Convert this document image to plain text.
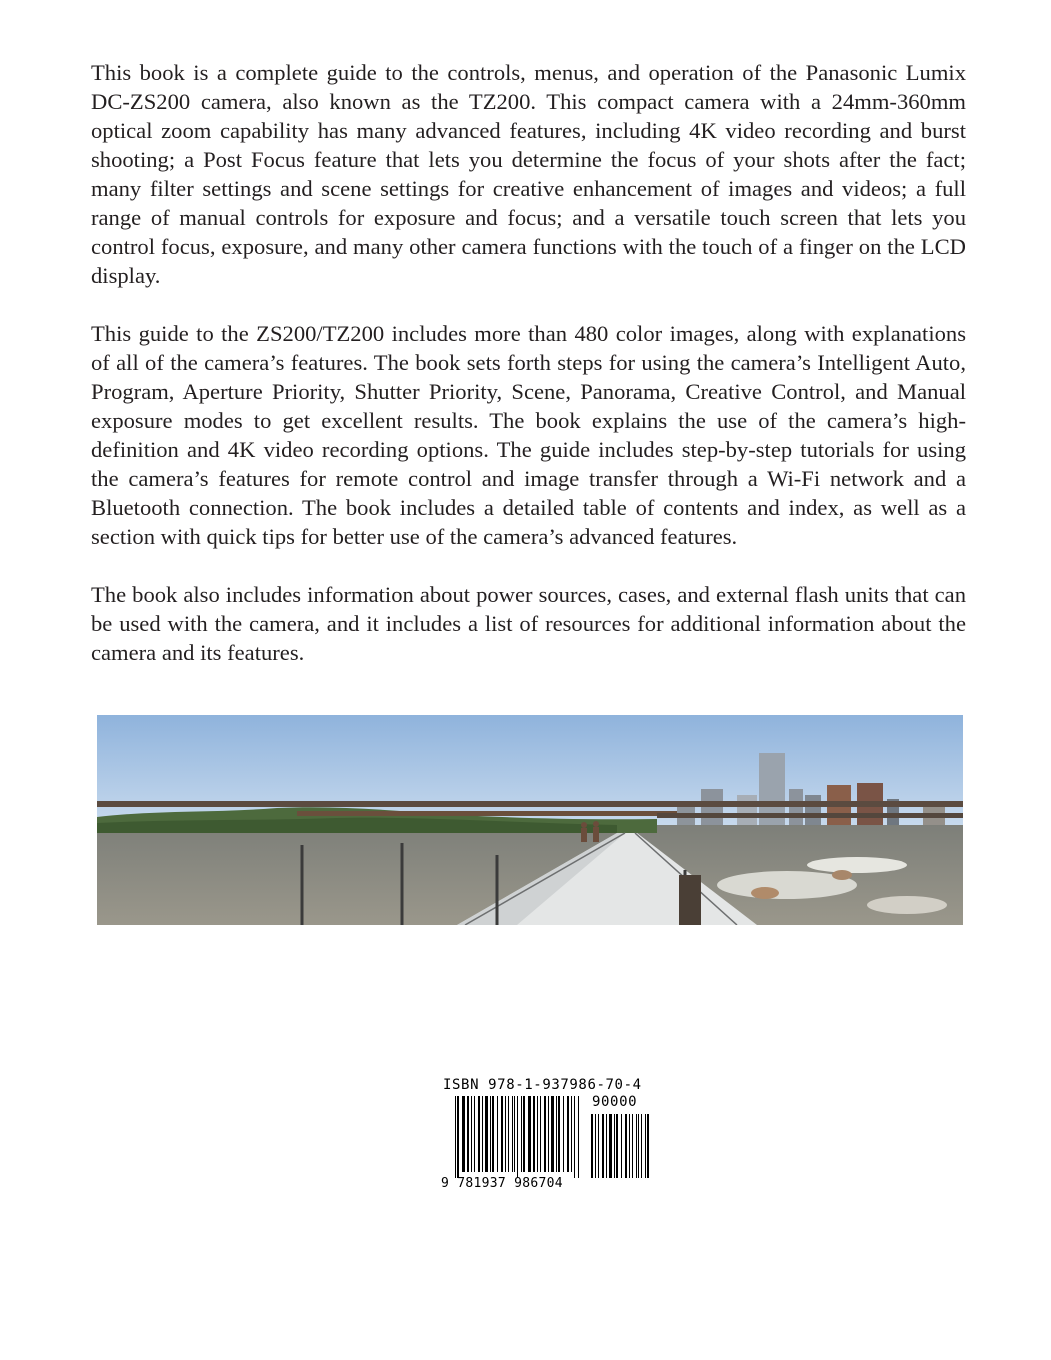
This book is a complete guide to the controls, menus, and operation of the Panasonic Lumix DC-ZS200 camera, also known as the TZ200. This compact camera with a 24mm-360mm optical zoom capability has many advanced features, including 4K video recording and burst shooting; a Post Focus feature that lets you determine the focus of your shots after the fact; many filter settings and scene settings for creative enhancement of images and videos; a full range of manual controls for exposure and focus; and a versatile touch screen that lets you control focus, exposure, and many other camera functions with the touch of a finger on the LCD display.

This guide to the ZS200/TZ200 includes more than 480 color images, along with explanations of all of the camera’s features. The book sets forth steps for using the camera’s Intelligent Auto, Program, Aperture Priority, Shutter Priority, Scene, Panorama, Creative Control, and Manual exposure modes to get excellent results. The book explains the use of the camera’s high-definition and 4K video recording options. The guide includes step-by-step tutorials for using the camera’s features for remote control and image transfer through a Wi-Fi network and a Bluetooth connection. The book includes a detailed table of contents and index, as well as a section with quick tips for better use of the camera’s advanced features.

The book also includes information about power sources, cases, and external flash units that can be used with the camera, and it includes a list of resources for additional information about the camera and its features.

ISBN 978-1-937986-70-4
90000
9 781937 986704
